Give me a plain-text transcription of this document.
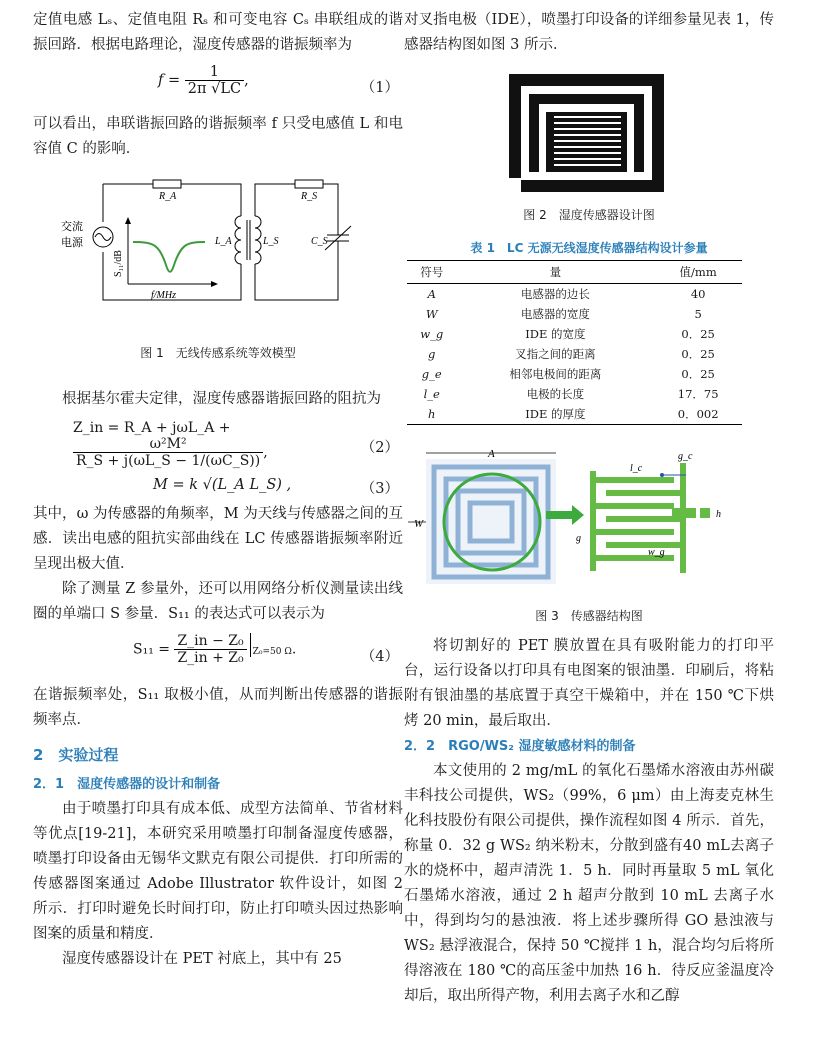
定值电感 Lₛ、定值电阻 Rₛ 和可变电容 Cₛ 串联组成的谐振回路．根据电路理论，湿度传感器的谐振频率为

$f = \frac{1}{2\pi √LC}$ ,	（1）

可以看出，串联谐振回路的谐振频率 f 只受电感值 L 和电容值 C 的影响．

R_A	R_S
L_A	L_S	C_S
交流
电源
S₁₁/dB
f/MHz
图 1　无线传感系统等效模型

根据基尔霍夫定律，湿度传感器谐振回路的阻抗为

Z_in = R_A + jωL_A +
$\frac{\text{ω²M²}}{R\_S + j(\omega L\_S - 1/(\omega C\_S))}$ ,	（2）
M = k √(L_A L_S) ,	（3）

其中，ω 为传感器的角频率，M 为天线与传感器之间的互感．读出电感的阻抗实部曲线在 LC 传感器谐振频率附近呈现出极大值．

除了测量 Z 参量外，还可以用网络分析仪测量读出线圈的单端口 S 参量．S₁₁ 的表达式可以表示为

$S_{11} = \frac{\text{Z\_in − Z₀}}{\text{Z\_in + Z₀}} Z_0=50$ Ω.	（4）

在谐振频率处，S₁₁ 取极小值，从而判断出传感器的谐振频率点．

2　实验过程

2．1　湿度传感器的设计和制备

由于喷墨打印具有成本低、成型方法简单、节省材料等优点[19-21]，本研究采用喷墨打印制备湿度传感器，喷墨打印设备由无锡华文默克有限公司提供．打印所需的传感器图案通过 Adobe Illustrator 软件设计，如图 2 所示．打印时避免长时间打印，防止打印喷头因过热影响图案的质量和精度．

湿度传感器设计在 PET 衬底上，其中有 25

对叉指电极（IDE），喷墨打印设备的详细参量见表 1，传感器结构图如图 3 所示．

图 2　湿度传感器设计图
表 1　LC 无源无线湿度传感器结构设计参量
符号	量	值/mm
A	电感器的边长	40
W	电感器的宽度	5
w_g	IDE 的宽度	0．25
g	叉指之间的距离	0．25
g_e	相邻电极间的距离	0．25
l_e	电极的长度	17．75
h	IDE 的厚度	0．002
A
W
l_c
g_c
g
w_g
h
图 3　传感器结构图

将切割好的 PET 膜放置在具有吸附能力的打印平台，运行设备以打印具有电图案的银油墨．印刷后，将粘附有银油墨的基底置于真空干燥箱中，并在 150 ℃下烘烤 20 min，最后取出．

2．2　RGO/WS₂ 湿度敏感材料的制备

本文使用的 2 mg/mL 的氧化石墨烯水溶液由苏州碳丰科技公司提供，WS₂（99%，6 μm）由上海麦克林生化科技股份有限公司提供，操作流程如图 4 所示．首先，称量 0．32 g WS₂ 纳米粉末，分散到盛有40 mL去离子水的烧杯中，超声清洗 1．5 h．同时再量取 5 mL 氧化石墨烯水溶液，通过 2 h 超声分散到 10 mL 去离子水中，得到均匀的悬浊液．将上述步骤所得 GO 悬浊液与 WS₂ 悬浮液混合，保持 50 ℃搅拌 1 h，混合均匀后将所得溶液在 180 ℃的高压釜中加热 16 h．待反应釜温度冷却后，取出所得产物，利用去离子水和乙醇
